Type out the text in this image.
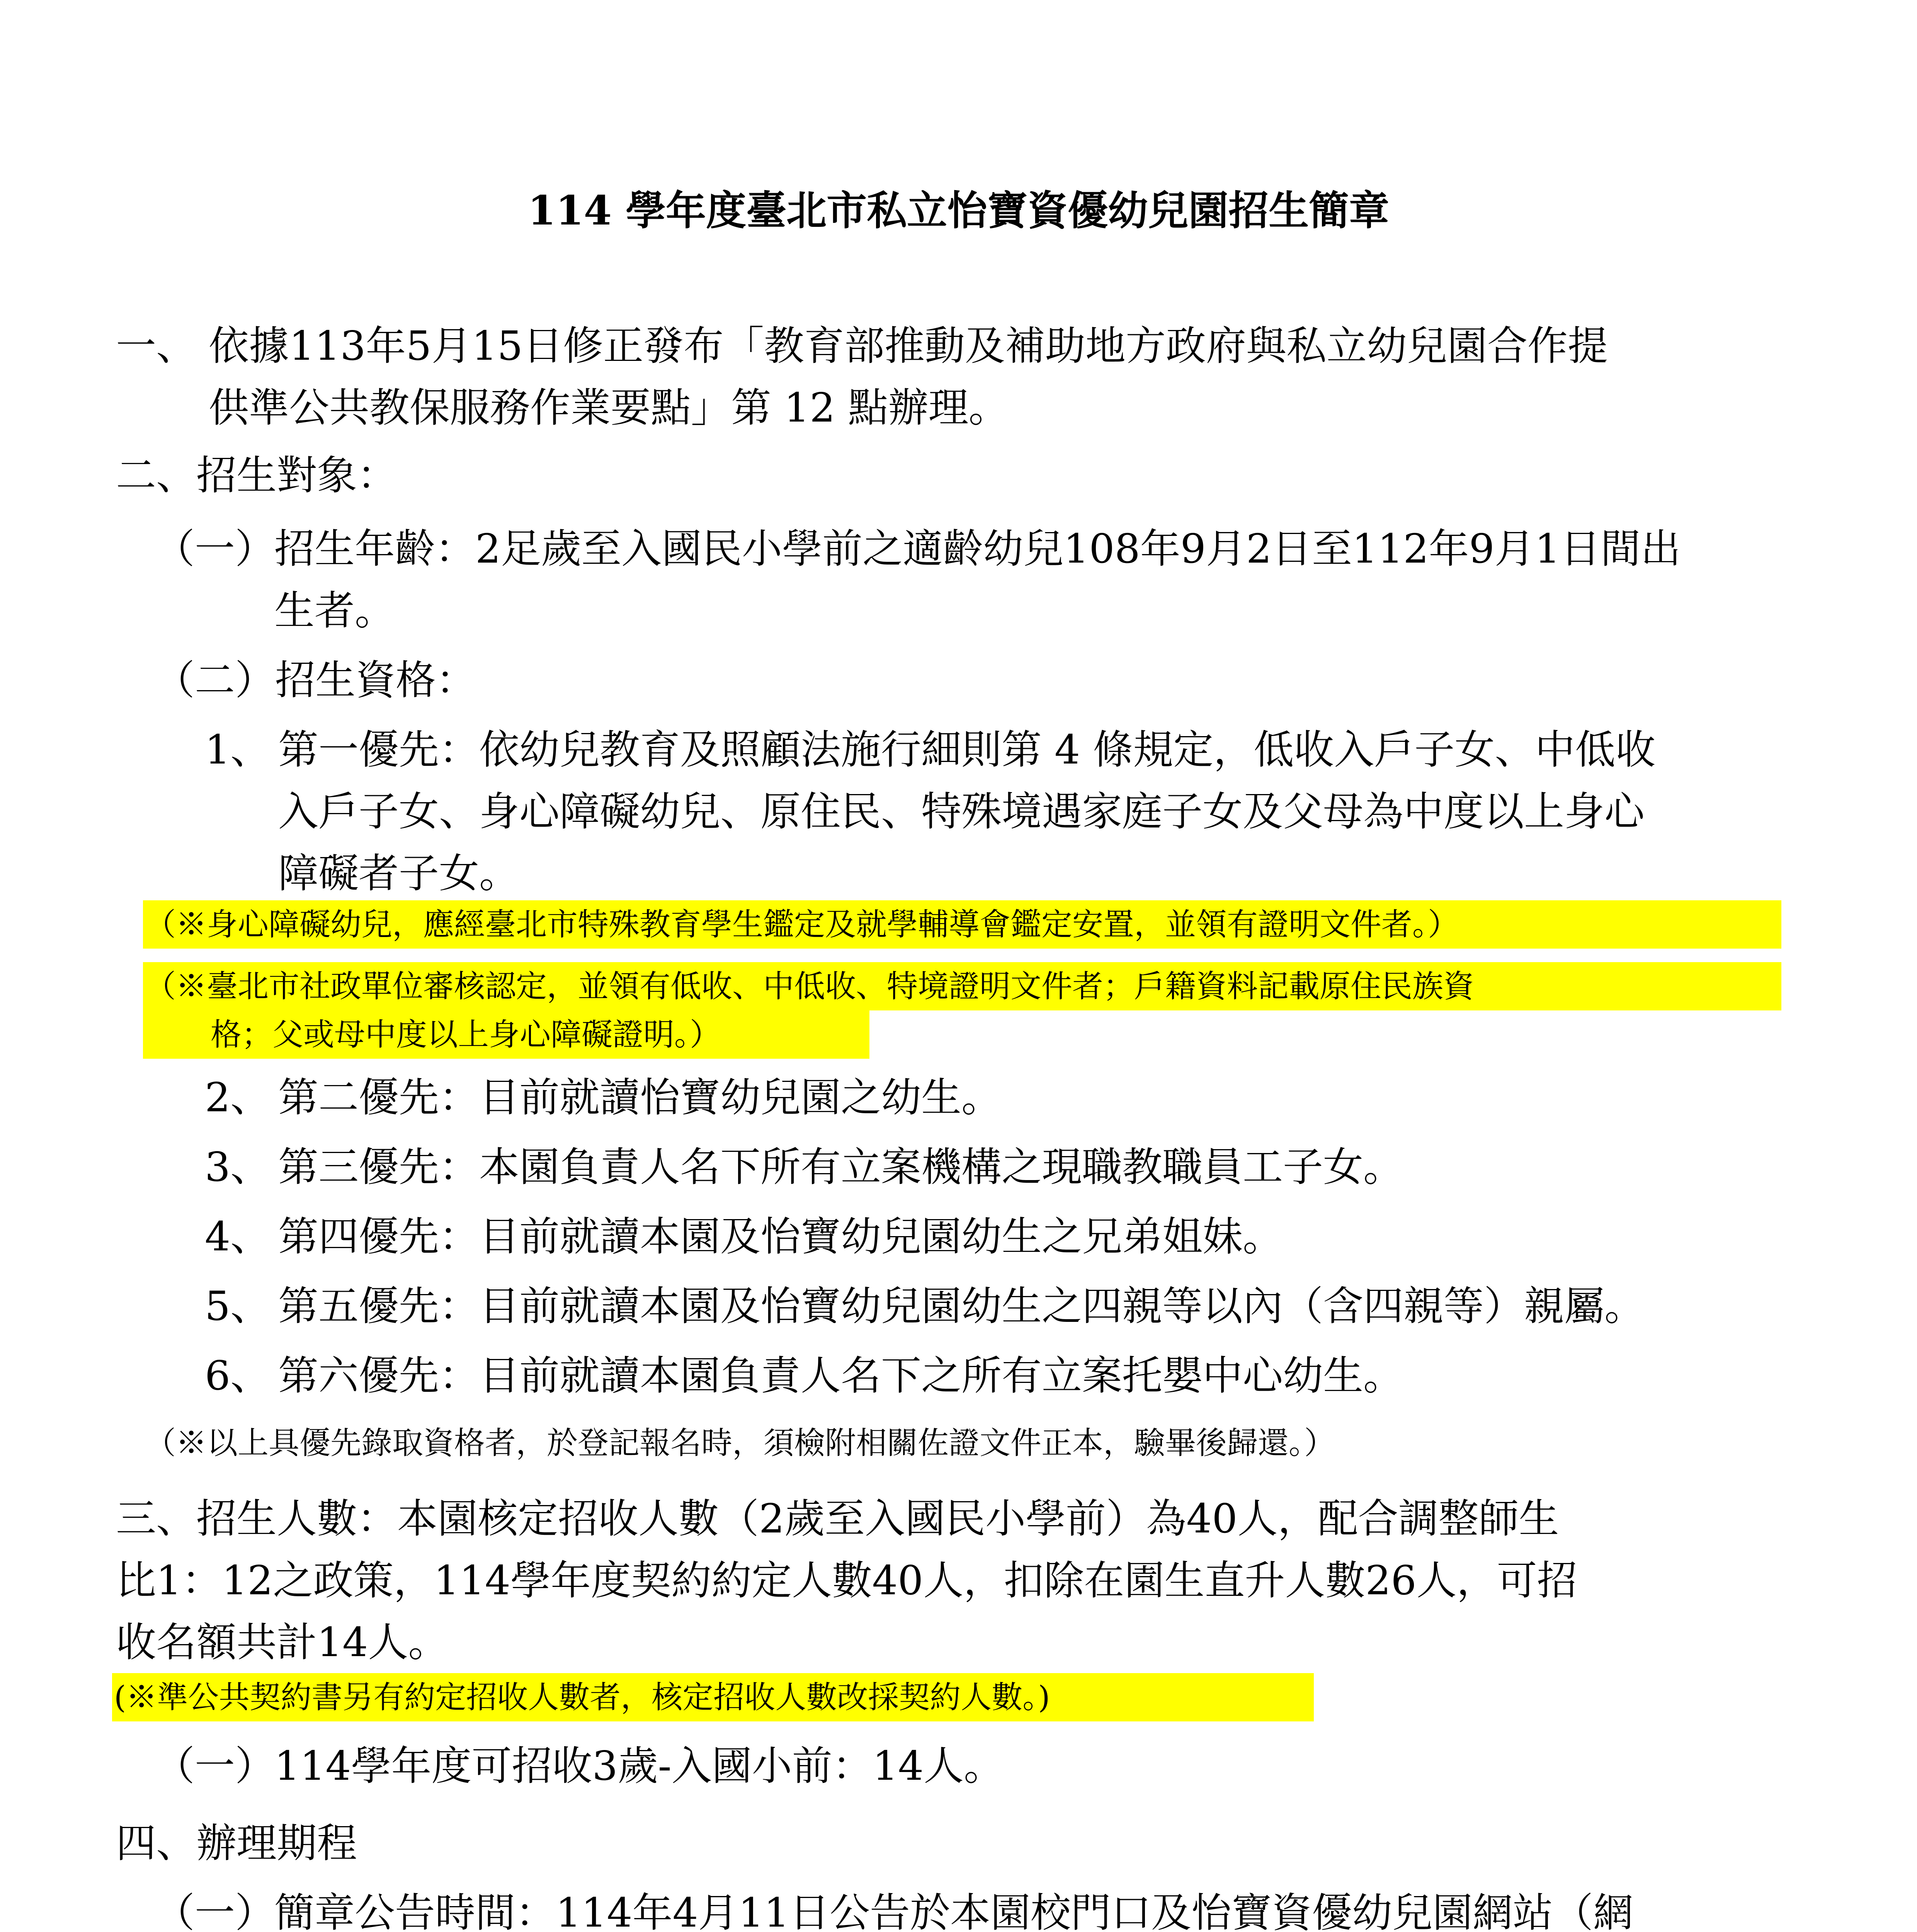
114 學年度臺北市私立怡寶資優幼兒園招生簡章
一、 依據113年5月15日修正發布「教育部推動及補助地方政府與私立幼兒園合作提
供準公共教保服務作業要點」第 12 點辦理。
二、招生對象：
（一）
招生年齡：2足歲至入國民小學前之適齡幼兒108年9月2日至112年9月1日間出
生者。
（二）招生資格：
1、 第一優先：依幼兒教育及照顧法施行細則第 4 條規定，低收入戶子女、中低收
入戶子女、身心障礙幼兒、原住民、特殊境遇家庭子女及父母為中度以上身心
障礙者子女。
（※身心障礙幼兒，應經臺北市特殊教育學生鑑定及就學輔導會鑑定安置，並領有證明文件者。）
（※臺北市社政單位審核認定，並領有低收、中低收、特境證明文件者；戶籍資料記載原住民族資
格；父或母中度以上身心障礙證明。）
2、 第二優先：目前就讀怡寶幼兒園之幼生。
3、 第三優先：本園負責人名下所有立案機構之現職教職員工子女。
4、 第四優先：目前就讀本園及怡寶幼兒園幼生之兄弟姐妹。
5、 第五優先：目前就讀本園及怡寶幼兒園幼生之四親等以內（含四親等）親屬。
6、 第六優先：目前就讀本園負責人名下之所有立案托嬰中心幼生。
（※以上具優先錄取資格者，於登記報名時，須檢附相關佐證文件正本，驗畢後歸還。）
三、招生人數：本園核定招收人數（2歲至入國民小學前）為40人，配合調整師生
比1：12之政策，114學年度契約約定人數40人，扣除在園生直升人數26人，可招
收名額共計14人。
(※準公共契約書另有約定招收人數者，核定招收人數改採契約人數。)
（一）
114學年度可招收3歲-入國小前：14人。
四、辦理期程
（一）
簡章公告時間：114年4月11日公告於本園校門口及怡寶資優幼兒園網站（網
